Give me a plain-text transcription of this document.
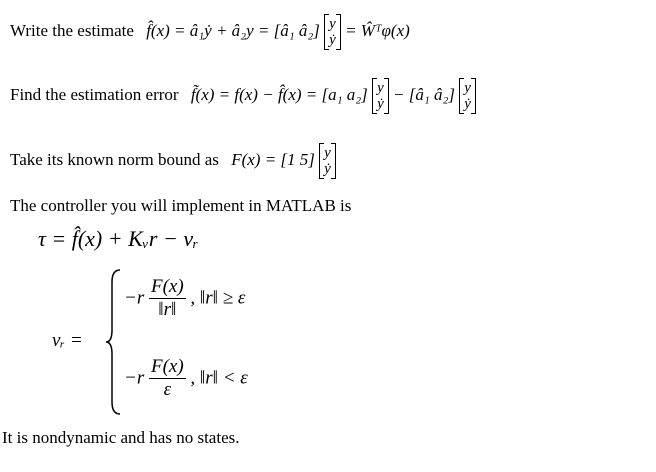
Write the estimate f̂(x) = â₁ẏ + â₂y = [â₁ â₂] y
ẏ
= Ŵᵀφ(x)
Find the estimation error f̃(x) = f(x) − f̂(x) = [a₁ a₂] y
ẏ
− [â₁ â₂] y
ẏ
Take its known norm bound as F(x) = [1 5] y
ẏ
The controller you will implement in MATLAB is
τ = f̂(x) + Kᵥr − vᵣ
vᵣ =
$-r \frac{F(x)}{‖r‖}$ , ‖r‖ ≥ ε
$-r \frac{F(x)}{\varepsilon}$ , ‖r‖ < ε
It is nondynamic and has no states.
